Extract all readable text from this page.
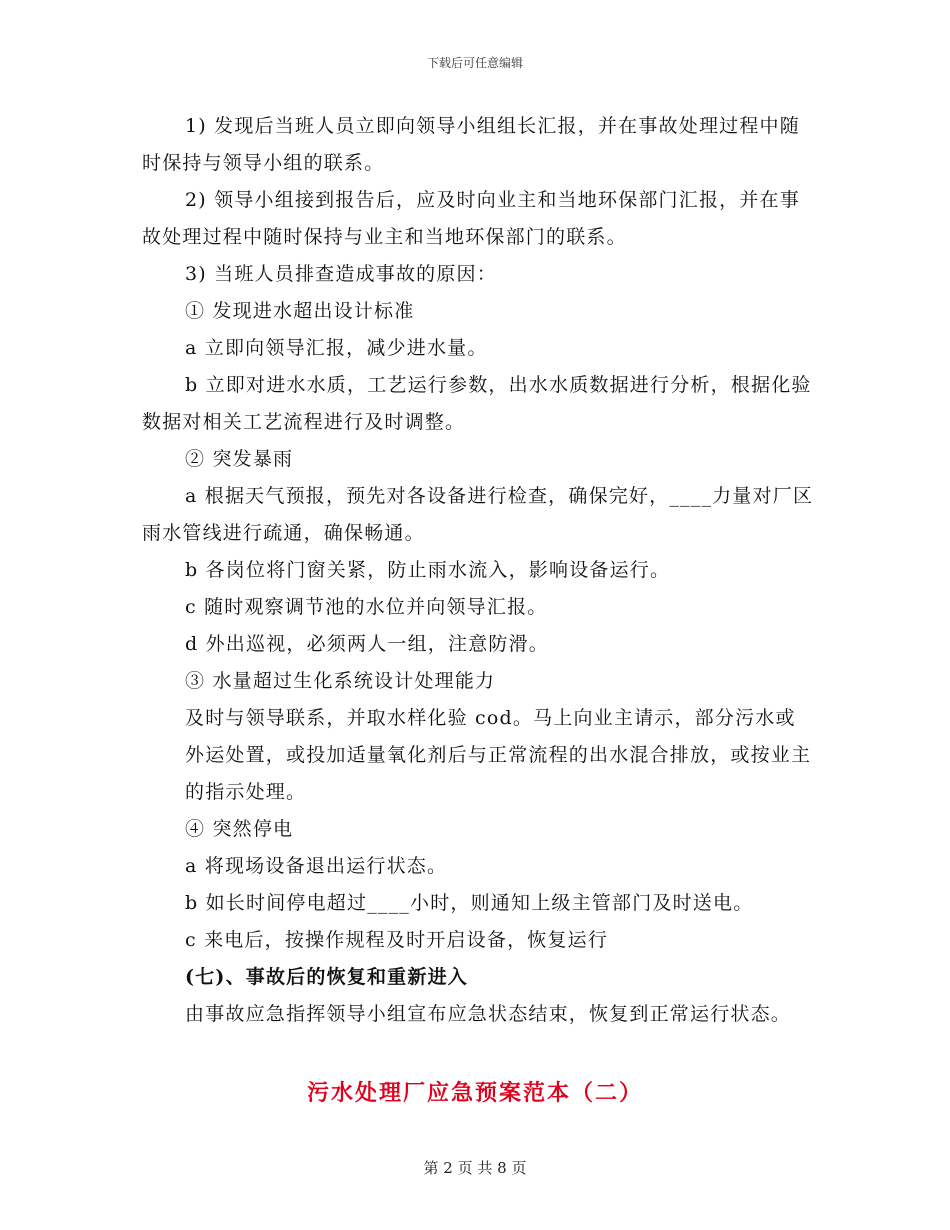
下载后可任意编辑

1) 发现后当班人员立即向领导小组组长汇报，并在事故处理过程中随时保持与领导小组的联系。

2) 领导小组接到报告后，应及时向业主和当地环保部门汇报，并在事故处理过程中随时保持与业主和当地环保部门的联系。

3) 当班人员排查造成事故的原因：

① 发现进水超出设计标准

a 立即向领导汇报，减少进水量。

b 立即对进水水质，工艺运行参数，出水水质数据进行分析，根据化验数据对相关工艺流程进行及时调整。

② 突发暴雨

a 根据天气预报，预先对各设备进行检查，确保完好，____力量对厂区雨水管线进行疏通，确保畅通。

b 各岗位将门窗关紧，防止雨水流入，影响设备运行。

c 随时观察调节池的水位并向领导汇报。

d 外出巡视，必须两人一组，注意防滑。

③ 水量超过生化系统设计处理能力

及时与领导联系，并取水样化验 cod。马上向业主请示，部分污水或外运处置，或投加适量氧化剂后与正常流程的出水混合排放，或按业主的指示处理。

④ 突然停电

a 将现场设备退出运行状态。

b 如长时间停电超过____小时，则通知上级主管部门及时送电。

c 来电后，按操作规程及时开启设备，恢复运行

(七)、事故后的恢复和重新进入

由事故应急指挥领导小组宣布应急状态结束，恢复到正常运行状态。

污水处理厂应急预案范本（二）
第 2 页 共 8 页
